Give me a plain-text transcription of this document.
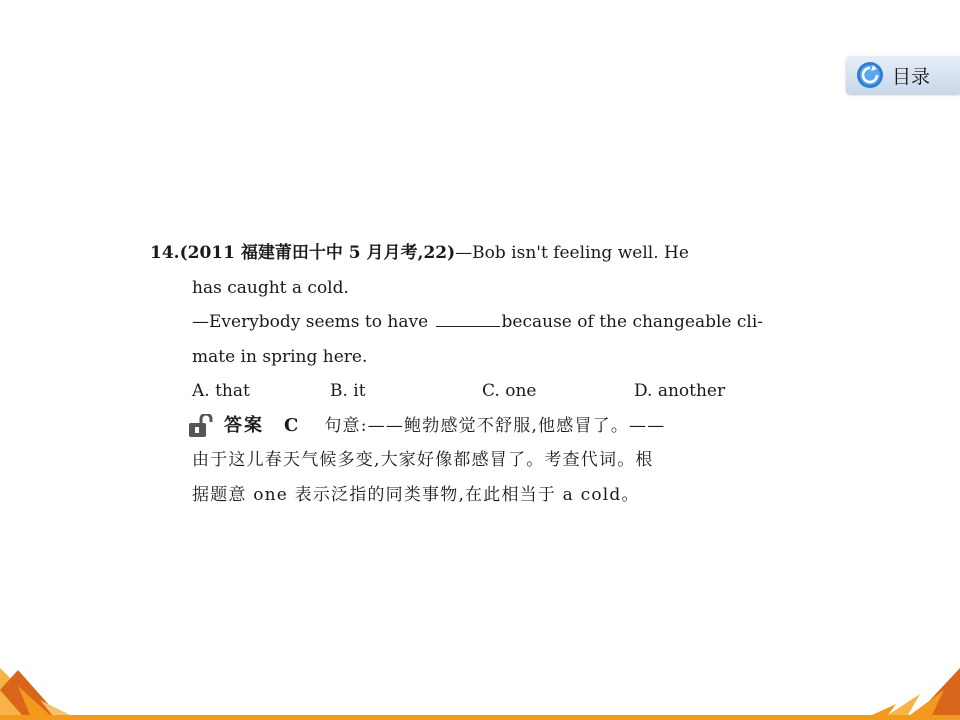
目录
14.(2011 福建莆田十中 5 月月考,22)—Bob isn't feeling well. He
has caught a cold.
—Everybody seems to have	because of the changeable cli-
mate in spring here.
A. that	B. it	C. one	D. another
答案 C 句意:——鲍勃感觉不舒服,他感冒了。——
由于这儿春天气候多变,大家好像都感冒了。考查代词。根
据题意 one 表示泛指的同类事物,在此相当于 a cold。
